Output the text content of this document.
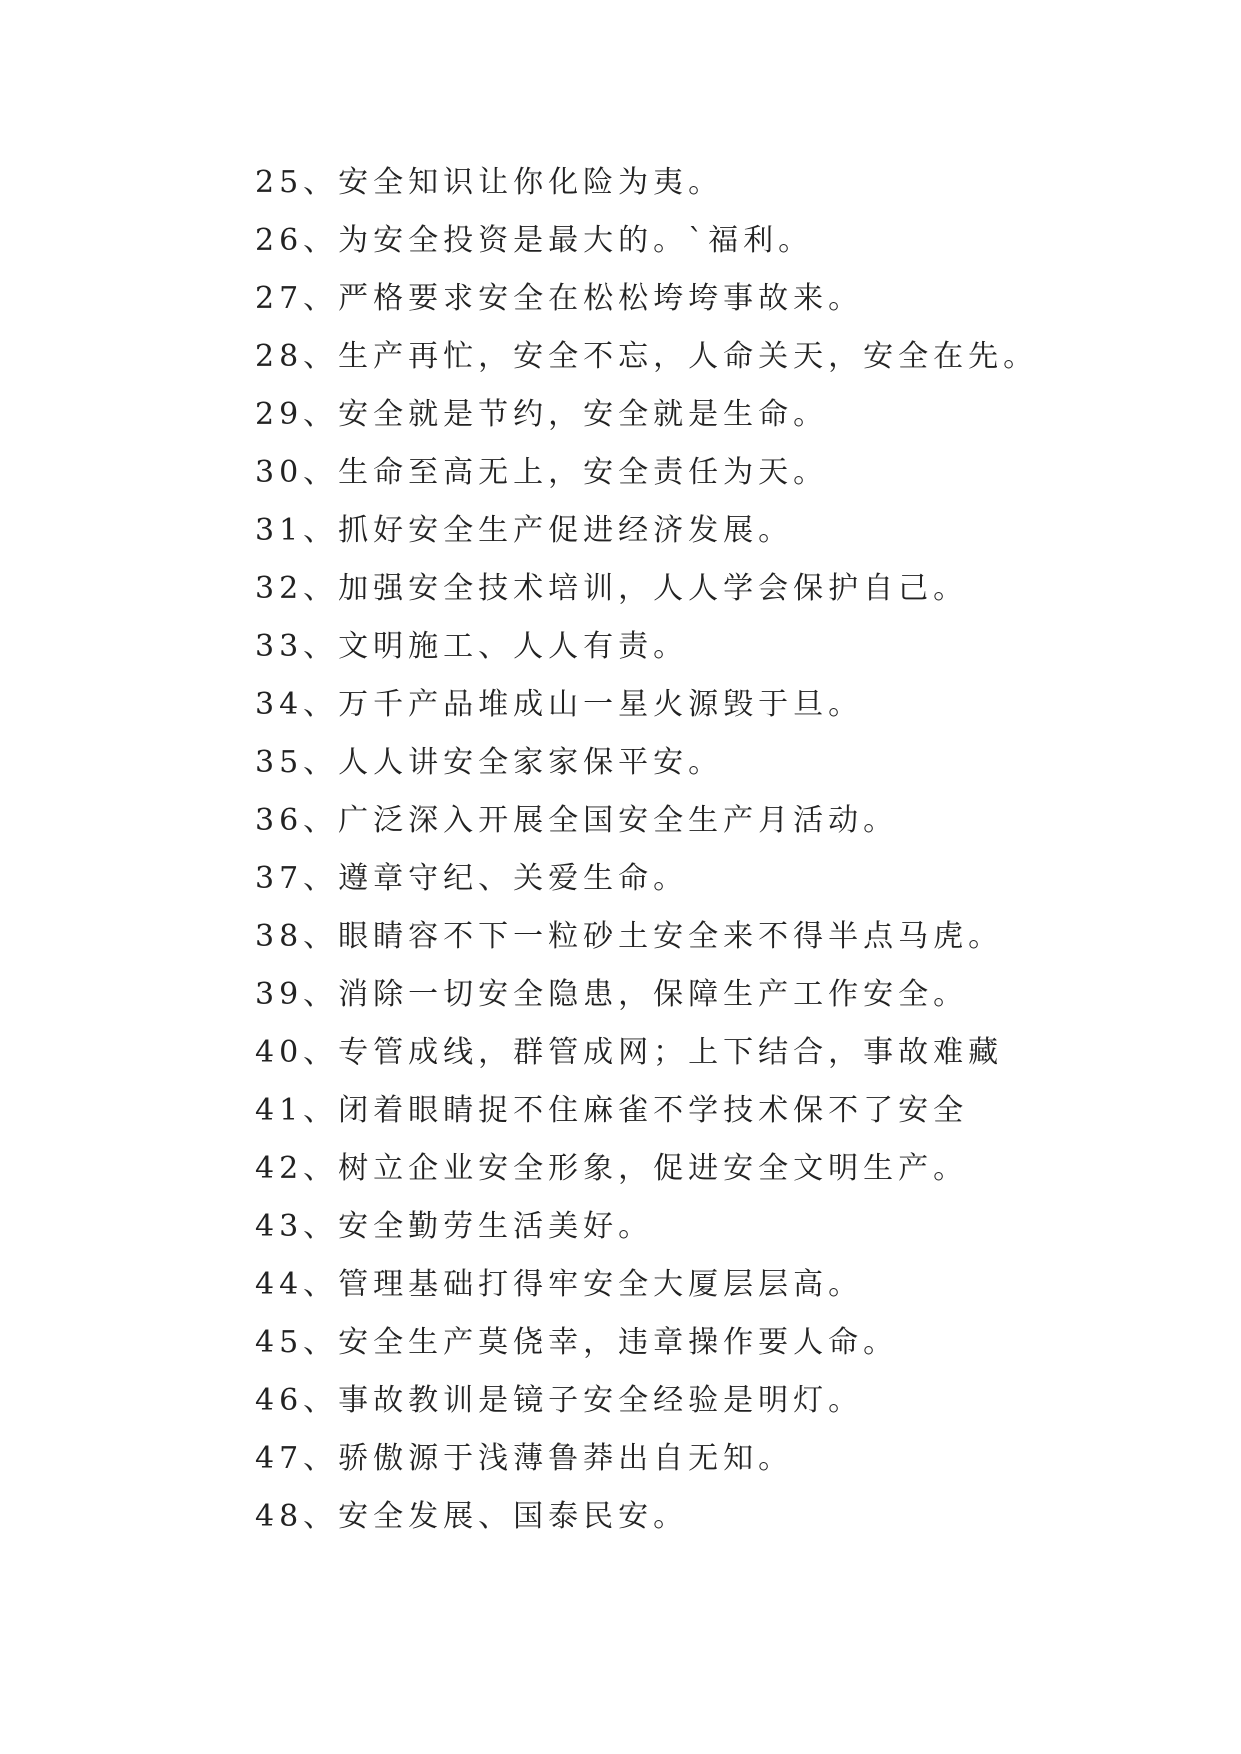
25、安全知识让你化险为夷。
26、为安全投资是最大的。`福利。
27、严格要求安全在松松垮垮事故来。
28、生产再忙，安全不忘，人命关天，安全在先。
29、安全就是节约，安全就是生命。
30、生命至高无上，安全责任为天。
31、抓好安全生产促进经济发展。
32、加强安全技术培训，人人学会保护自己。
33、文明施工、人人有责。
34、万千产品堆成山一星火源毁于旦。
35、人人讲安全家家保平安。
36、广泛深入开展全国安全生产月活动。
37、遵章守纪、关爱生命。
38、眼睛容不下一粒砂土安全来不得半点马虎。
39、消除一切安全隐患，保障生产工作安全。
40、专管成线，群管成网；上下结合，事故难藏
41、闭着眼睛捉不住麻雀不学技术保不了安全
42、树立企业安全形象，促进安全文明生产。
43、安全勤劳生活美好。
44、管理基础打得牢安全大厦层层高。
45、安全生产莫侥幸，违章操作要人命。
46、事故教训是镜子安全经验是明灯。
47、骄傲源于浅薄鲁莽出自无知。
48、安全发展、国泰民安。
